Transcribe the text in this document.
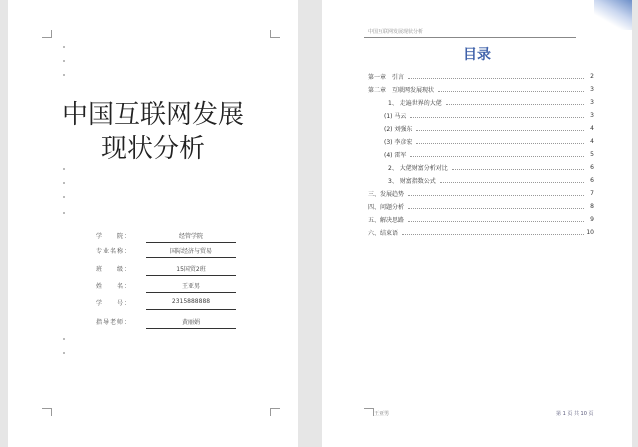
中国互联网发展
现状分析
学　　院：	经管学院
专业名称：	国际经济与贸易
班　　级：	15国贸2班
姓　　名：	王亚男
学　　号：	2315888888
指导老师：	黄丽娟
中国互联网发展现状分析
目录
第一章　引言	2
第二章　互联网发展现状	3
1、 走遍世界的大佬	3
(1) 马云	3
(2) 刘强东	4
(3) 李彦宏	4
(4) 雷军	5
2、 大佬财富分析对比	6
3、 财富指数公式	6
三、发展趋势	7
四、问题分析	8
五、解决思路	9
六、结束语	10
王亚男	第 1 页 共 10 页
